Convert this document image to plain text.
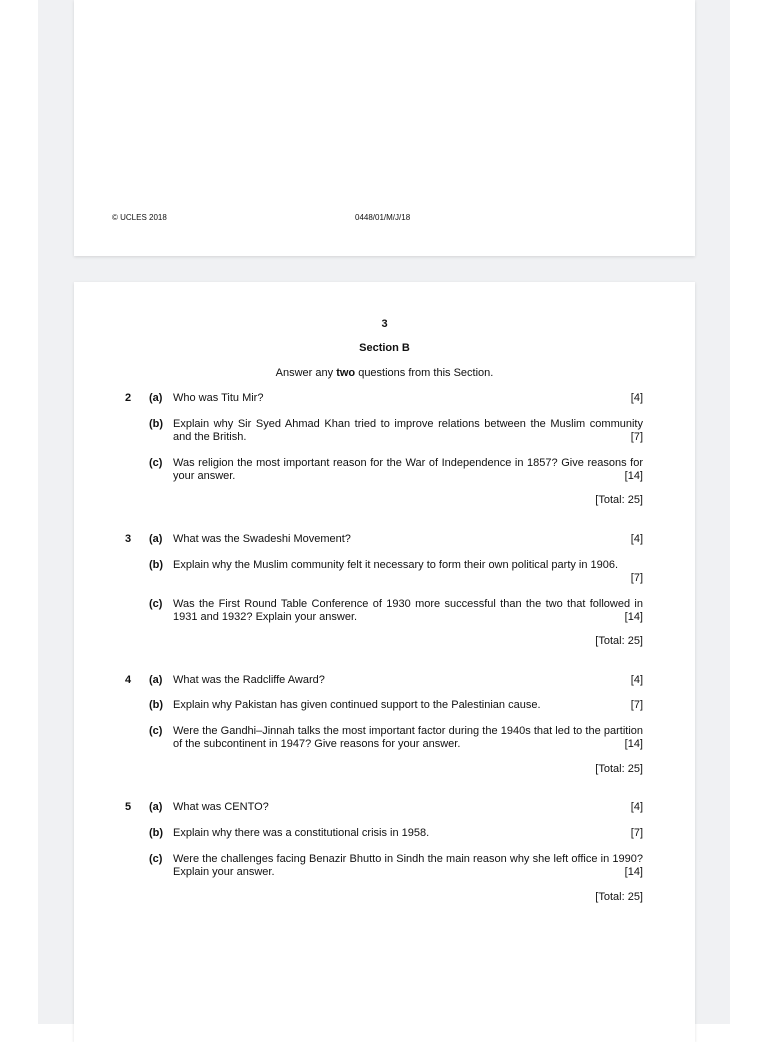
© UCLES 2018	0448/01/M/J/18
3
Section B
Answer any two questions from this Section.
2 (a) Who was Titu Mir?	[4]
(b) Explain why Sir Syed Ahmad Khan tried to improve relations between the Muslim community and the British.	[7]
(c) Was religion the most important reason for the War of Independence in 1857? Give reasons for your answer.	[14]
[Total: 25]
3 (a) What was the Swadeshi Movement?	[4]
(b) Explain why the Muslim community felt it necessary to form their own political party in 1906.
[7]
(c) Was the First Round Table Conference of 1930 more successful than the two that followed in 1931 and 1932? Explain your answer.	[14]
[Total: 25]
4 (a) What was the Radcliffe Award?	[4]
(b) Explain why Pakistan has given continued support to the Palestinian cause.	[7]
(c) Were the Gandhi–Jinnah talks the most important factor during the 1940s that led to the partition of the subcontinent in 1947? Give reasons for your answer.	[14]
[Total: 25]
5 (a) What was CENTO?	[4]
(b) Explain why there was a constitutional crisis in 1958.	[7]
(c) Were the challenges facing Benazir Bhutto in Sindh the main reason why she left office in 1990? Explain your answer.	[14]
[Total: 25]
